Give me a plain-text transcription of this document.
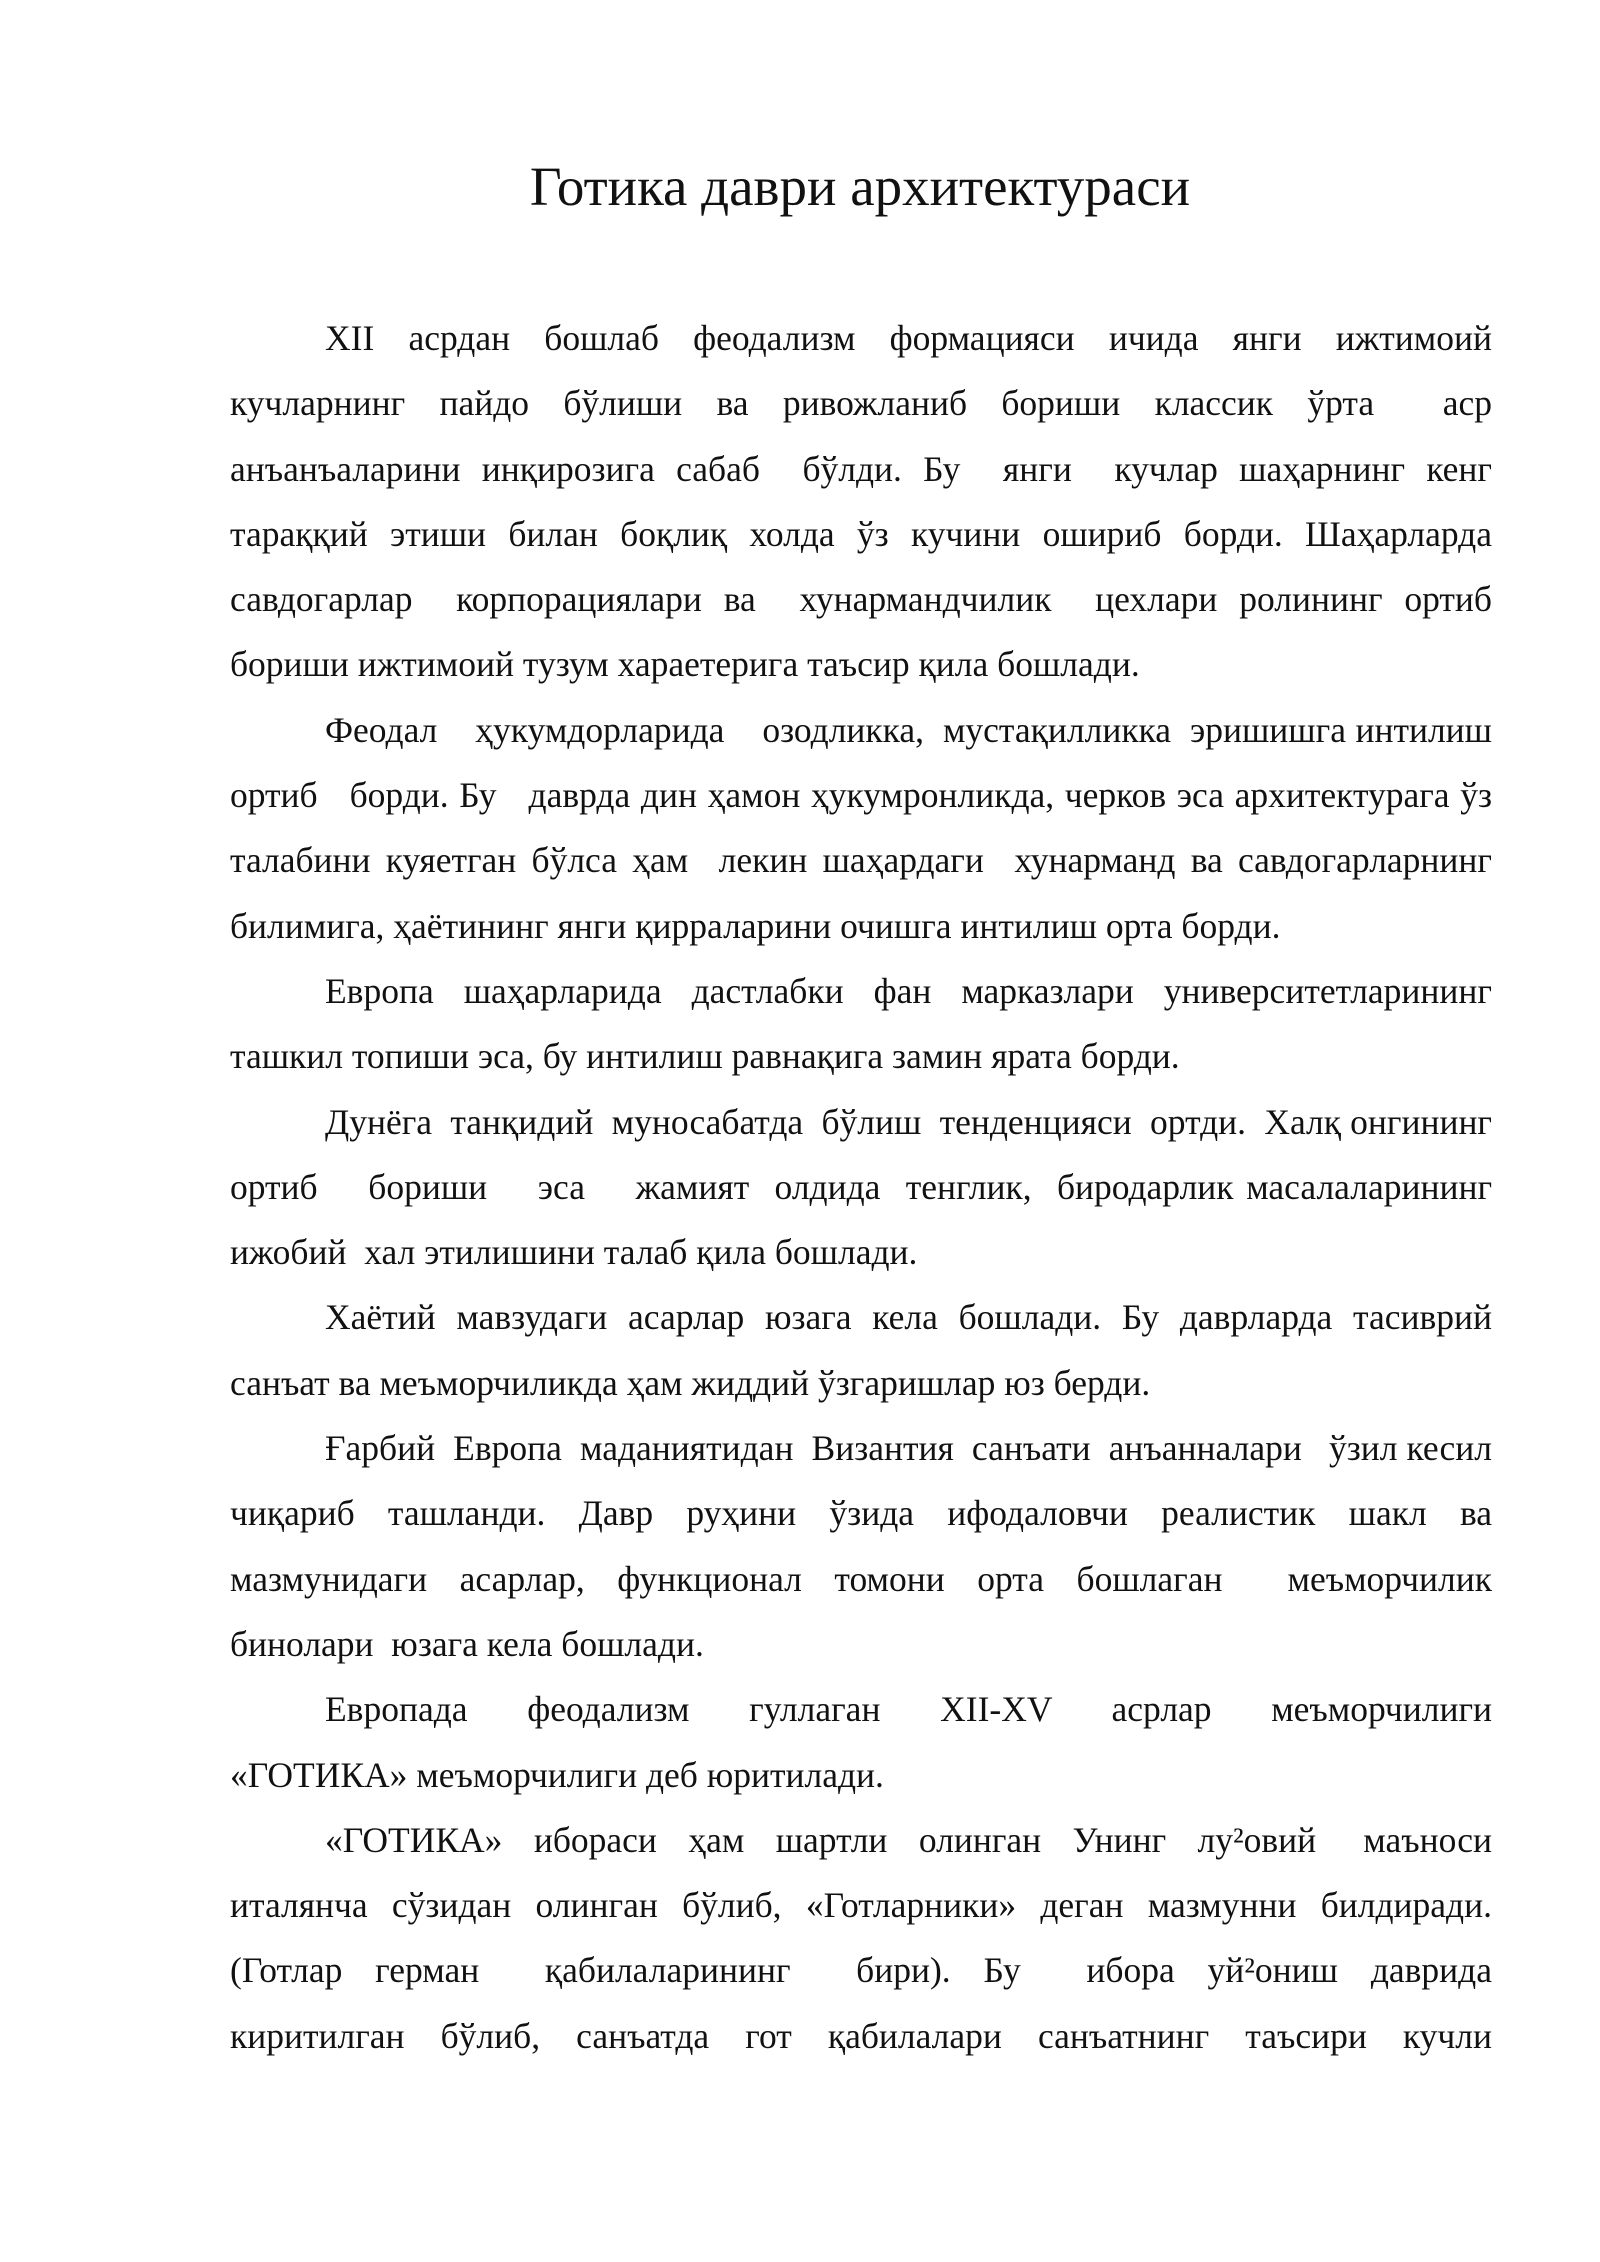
Готика даври архитектураси

XII  асрдан  бошлаб  феодализм  формацияси  ичида  янги  ижтимоий кучларнинг  пайдо  бўлиши  ва  ривожланиб  бориши  классик  ўрта    аср анъанъаларини инқирозига сабаб  бўлди. Бу  янги  кучлар шаҳарнинг кенг тараққий этиши билан боқлиқ холда ўз кучини ошириб борди. Шаҳарларда савдогарлар  корпорациялари ва  хунармандчилик  цехлари ролининг ортиб бориши ижтимоий тузум хараетерига таъсир қила бошлади.

Феодал    ҳукумдорларида    озодликка,  мустақилликка  эришишга интилиш   ортиб   борди. Бу   даврда дин ҳамон ҳукумронликда, черков эса архитектурага ўз талабини куяетган бўлса ҳам  лекин шаҳардаги  хунарманд ва савдогарларнинг билимига, ҳаётининг янги қирраларини очишга интилиш орта борди.

Европа шаҳарларида дастлабки фан марказлари университетларининг ташкил топиши эса, бу интилиш равнақига замин ярата борди.

Дунёга  танқидий  муносабатда  бўлиш  тенденцияси  ортди.  Халқ онгининг  ортиб    бориши    эса    жамият  олдида  тенглик,  биродарлик масалаларининг  ижобий  хал этилишини талаб қила бошлади.

Хаётий мавзудаги асарлар юзага кела бошлади. Бу даврларда тасиврий санъат ва меъморчиликда ҳам жиддий ўзгаришлар юз берди.

Ғарбий  Европа  маданиятидан  Византия  санъати  анъанналари   ўзил кесил  чиқариб ташланди. Давр руҳини ўзида ифодаловчи реалистик шакл ва мазмунидаги  асарлар,  функционал  томони  орта  бошлаган    меъморчилик бинолари  юзага кела бошлади.

Европада     феодализм     гуллаган     XII-XV     асрлар     меъморчилиги «ГОТИКА» меъморчилиги деб юритилади.

«ГОТИКА»  ибораси  ҳам  шартли  олинган  Унинг  лу²овий   маъноси италянча сўзидан олинган бўлиб, «Готларники» деган мазмунни билдиради. (Готлар  герман    қабилаларининг    бири).  Бу    ибора  уй²ониш  даврида киритилган  бўлиб,  санъатда  гот  қабилалари  санъатнинг  таъсири  кучли
